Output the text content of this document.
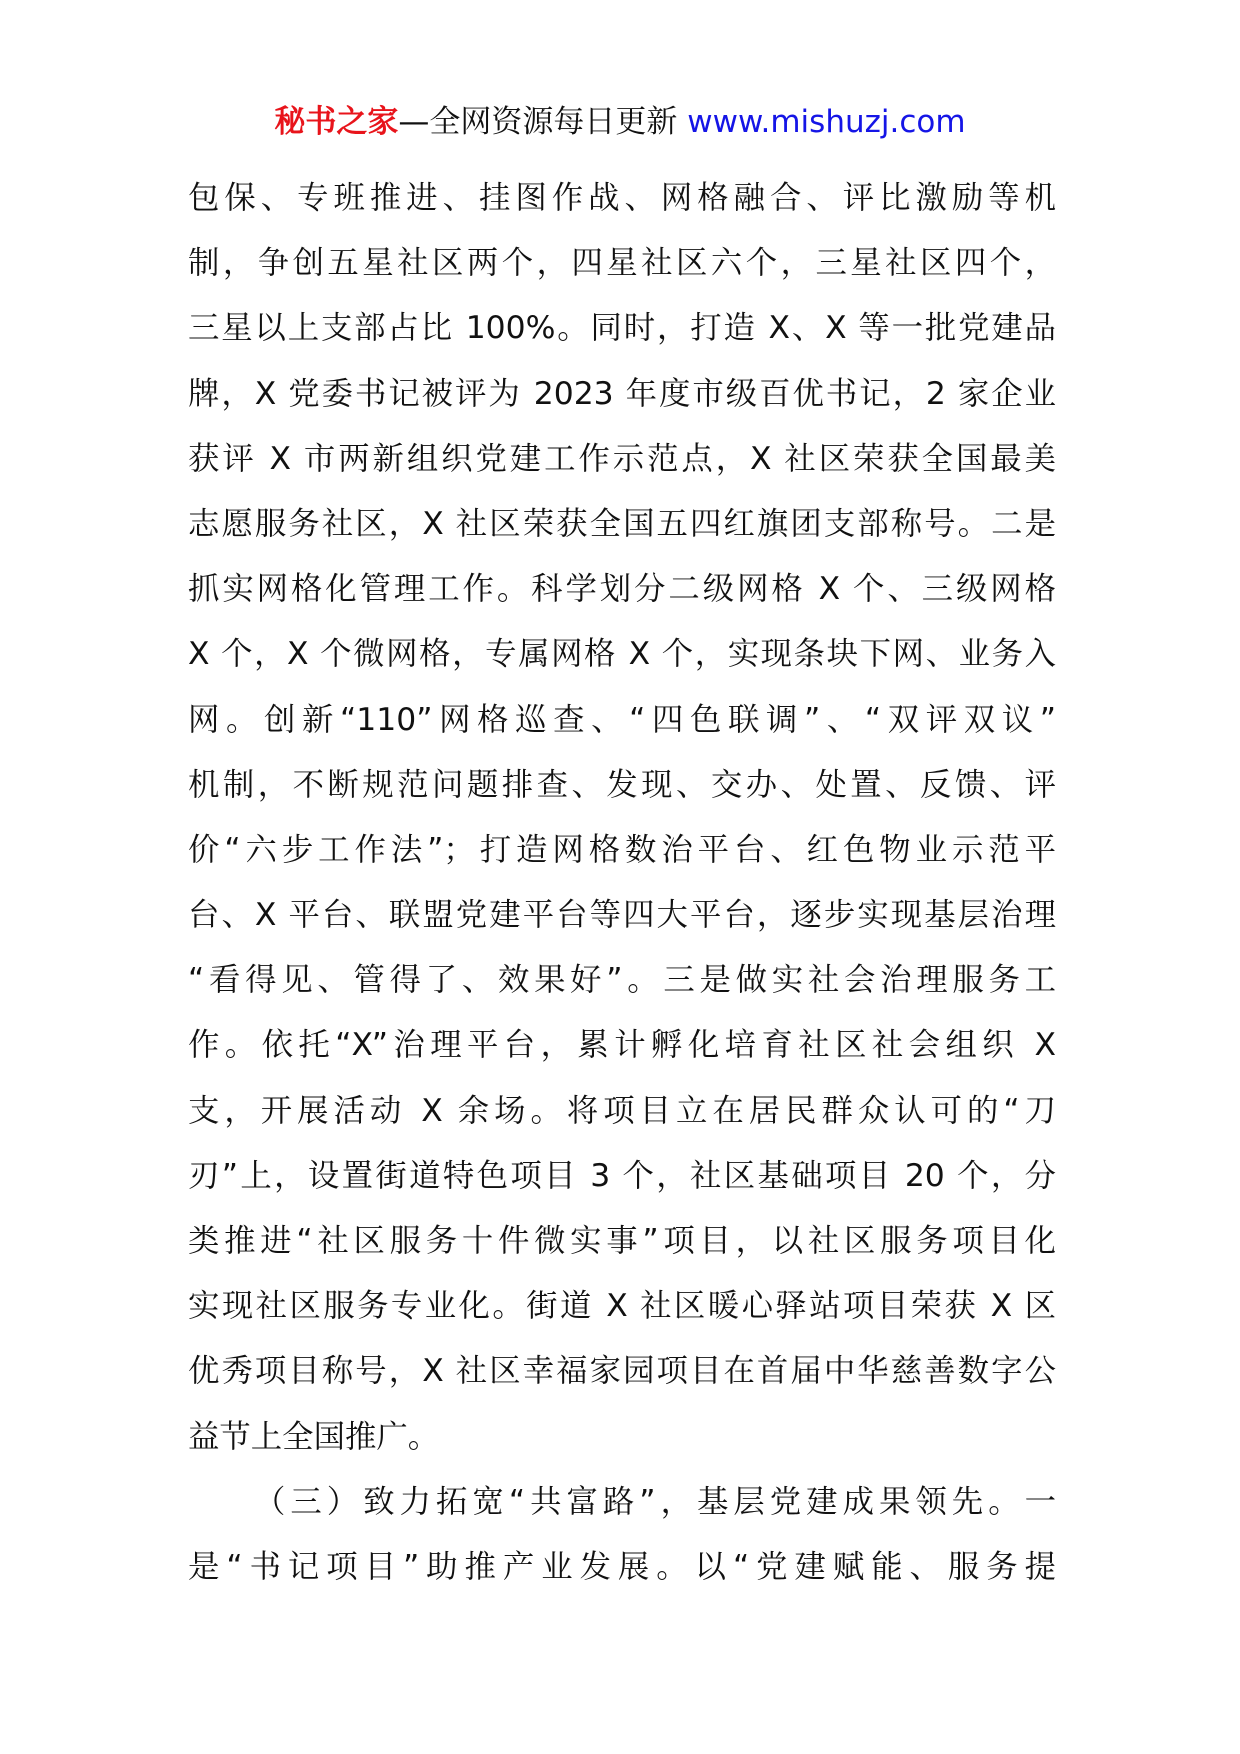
秘书之家—全网资源每日更新 www.mishuzj.com
包保、专班推进、挂图作战、网格融合、评比激励等机
制，争创五星社区两个，四星社区六个，三星社区四个，
三星以上支部占比 100%。同时，打造 X、X 等一批党建品
牌，X 党委书记被评为 2023 年度市级百优书记，2 家企业
获评 X 市两新组织党建工作示范点，X 社区荣获全国最美
志愿服务社区，X 社区荣获全国五四红旗团支部称号。二是
抓实网格化管理工作。科学划分二级网格 X 个、三级网格
X 个，X 个微网格，专属网格 X 个，实现条块下网、业务入
网。创新“110”网格巡查、“四色联调”、“双评双议”
机制，不断规范问题排查、发现、交办、处置、反馈、评
价“六步工作法”；打造网格数治平台、红色物业示范平
台、X 平台、联盟党建平台等四大平台，逐步实现基层治理
“看得见、管得了、效果好”。三是做实社会治理服务工
作。依托“X”治理平台，累计孵化培育社区社会组织 X
支，开展活动 X 余场。将项目立在居民群众认可的“刀
刃”上，设置街道特色项目 3 个，社区基础项目 20 个，分
类推进“社区服务十件微实事”项目，以社区服务项目化
实现社区服务专业化。街道 X 社区暖心驿站项目荣获 X 区
优秀项目称号，X 社区幸福家园项目在首届中华慈善数字公
益节上全国推广。
（三）致力拓宽“共富路”，基层党建成果领先。一
是“书记项目”助推产业发展。以“党建赋能、服务提
